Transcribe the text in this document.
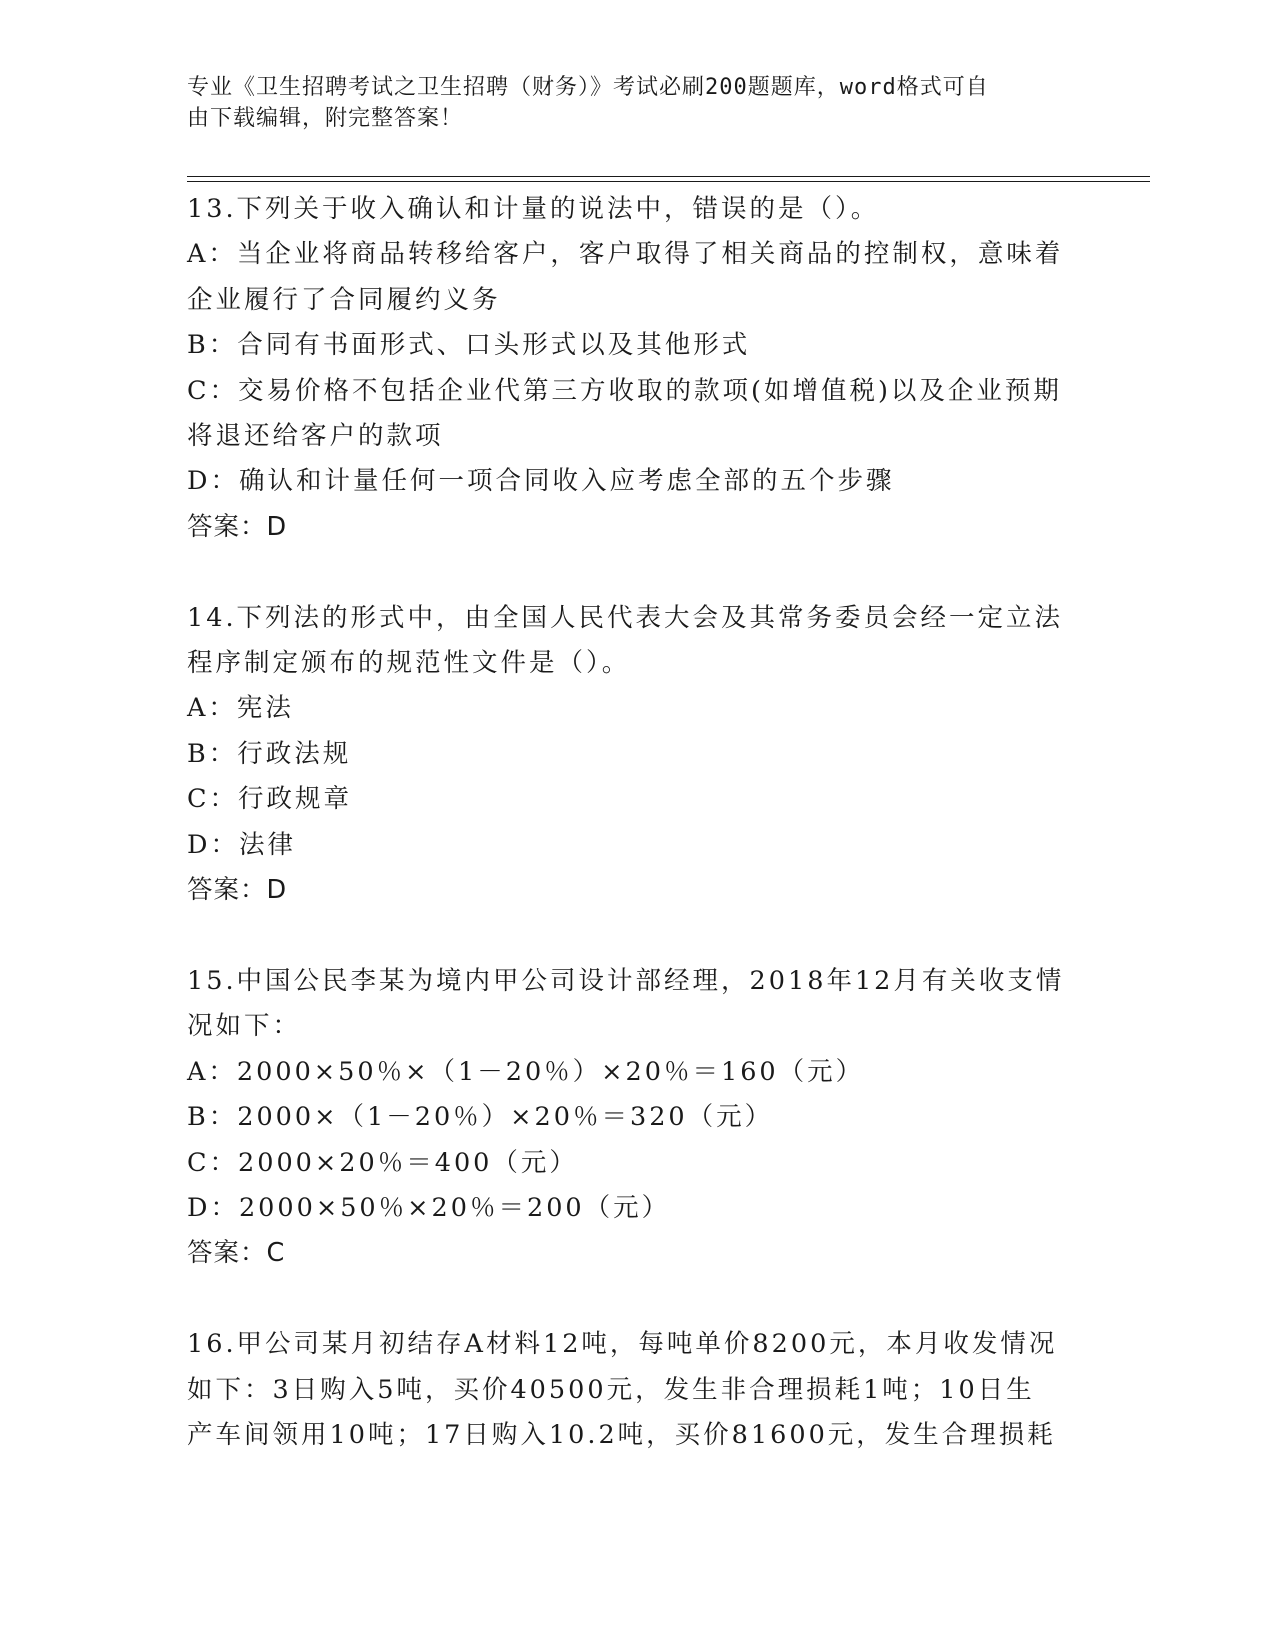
专业《卫生招聘考试之卫生招聘（财务）》考试必刷200题题库，word格式可自
由下载编辑，附完整答案！
13.下列关于收入确认和计量的说法中，错误的是（）。
A：当企业将商品转移给客户，客户取得了相关商品的控制权，意味着
企业履行了合同履约义务
B：合同有书面形式、口头形式以及其他形式
C：交易价格不包括企业代第三方收取的款项(如增值税)以及企业预期
将退还给客户的款项
D：确认和计量任何一项合同收入应考虑全部的五个步骤
答案：D
14.下列法的形式中，由全国人民代表大会及其常务委员会经一定立法
程序制定颁布的规范性文件是（）。
A：宪法
B：行政法规
C：行政规章
D：法律
答案：D
15.中国公民李某为境内甲公司设计部经理，2018年12月有关收支情
况如下：
A：2000×50％×（1－20％）×20％＝160（元）
B：2000×（1－20％）×20％＝320（元）
C：2000×20％＝400（元）
D：2000×50％×20％＝200（元）
答案：C
16.甲公司某月初结存A材料12吨，每吨单价8200元，本月收发情况
如下：3日购入5吨，买价40500元，发生非合理损耗1吨；10日生
产车间领用10吨；17日购入10.2吨，买价81600元，发生合理损耗
